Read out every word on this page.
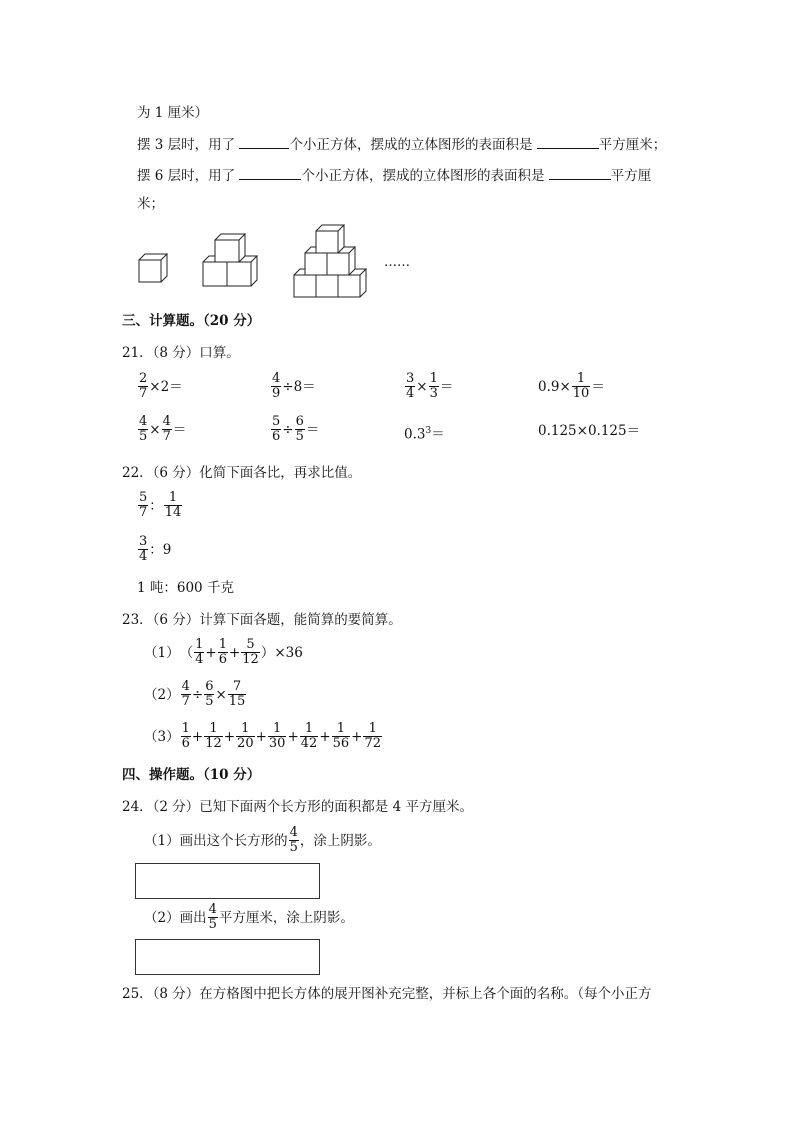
为 1 厘米）
摆 3 层时，用了	个小正方体，摆成的立体图形的表面积是	平方厘米；
摆 6 层时，用了	个小正方体，摆成的立体图形的表面积是	平方厘
米；
……
三、计算题。（20 分）
21．（8 分）口算。
$\frac{2}{7} \times 2=$	$\frac{4}{9} \div 8=$	$\frac{3}{4} \times \frac{1}{3}$ ＝	$0.9\times \frac{1}{10}$ ＝
$\frac{4}{5} \times \frac{4}{7}$ ＝	$\frac{5}{6} \div \frac{6}{5}$ ＝	$0.3^3=$	0.125×0.125＝
22．（6 分）化简下面各比，再求比值。
$\frac{5}{7}$ ： $\frac{1}{14}$
$\frac{3}{4}$ ：9
1 吨：600 千克
23．（6 分）计算下面各题，能简算的要简算。
（1） （ $\frac{1}{4} + \frac{1}{6} + \frac{5}{12} )\times 36$
$(2) \frac{4}{7} \div \frac{6}{5} \times \frac{7}{15}$
$(3) \frac{1}{6} + \frac{1}{12} + \frac{1}{20} + \frac{1}{30} + \frac{1}{42} + \frac{1}{56} + \frac{1}{72}$
四、操作题。（10 分）
24．（2 分）已知下面两个长方形的面积都是 4 平方厘米。
（1）画出这个长方形的 $\frac{4}{5}$ ，涂上阴影。
（2）画出 $\frac{4}{5}$ 平方厘米，涂上阴影。
25．（8 分）在方格图中把长方体的展开图补充完整，并标上各个面的名称。（每个小正方
